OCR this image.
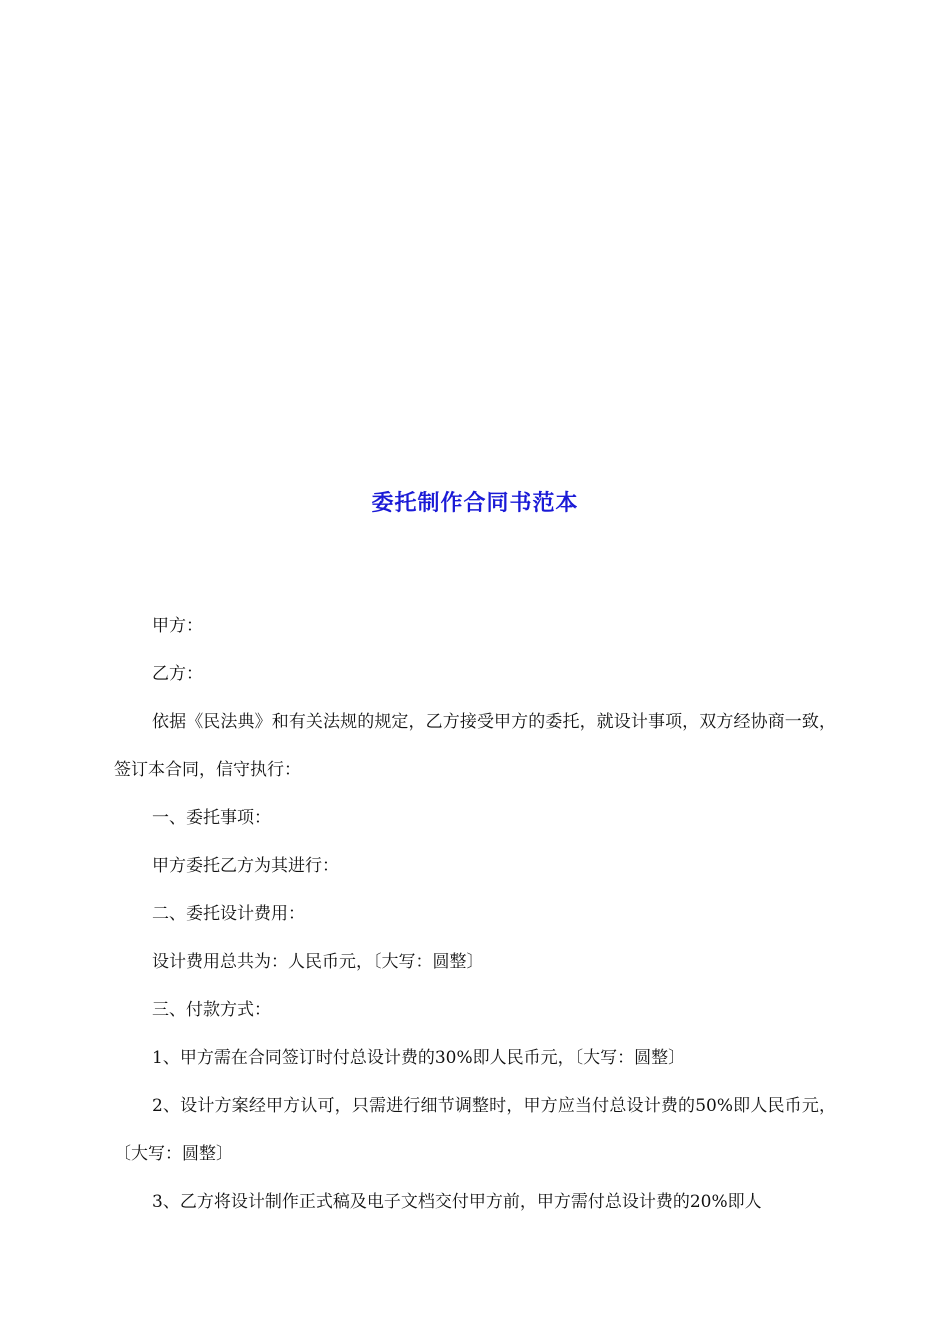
委托制作合同书范本

甲方：

乙方：

依据《民法典》和有关法规的规定，乙方接受甲方的委托，就设计事项，双方经协商一致，签订本合同，信守执行：

一、委托事项：

甲方委托乙方为其进行：

二、委托设计费用：

设计费用总共为：人民币元，〔大写：圆整〕

三、付款方式：

1、甲方需在合同签订时付总设计费的30%即人民币元，〔大写：圆整〕

2、设计方案经甲方认可，只需进行细节调整时，甲方应当付总设计费的50%即人民币元，〔大写：圆整〕

3、乙方将设计制作正式稿及电子文档交付甲方前，甲方需付总设计费的20%即人
